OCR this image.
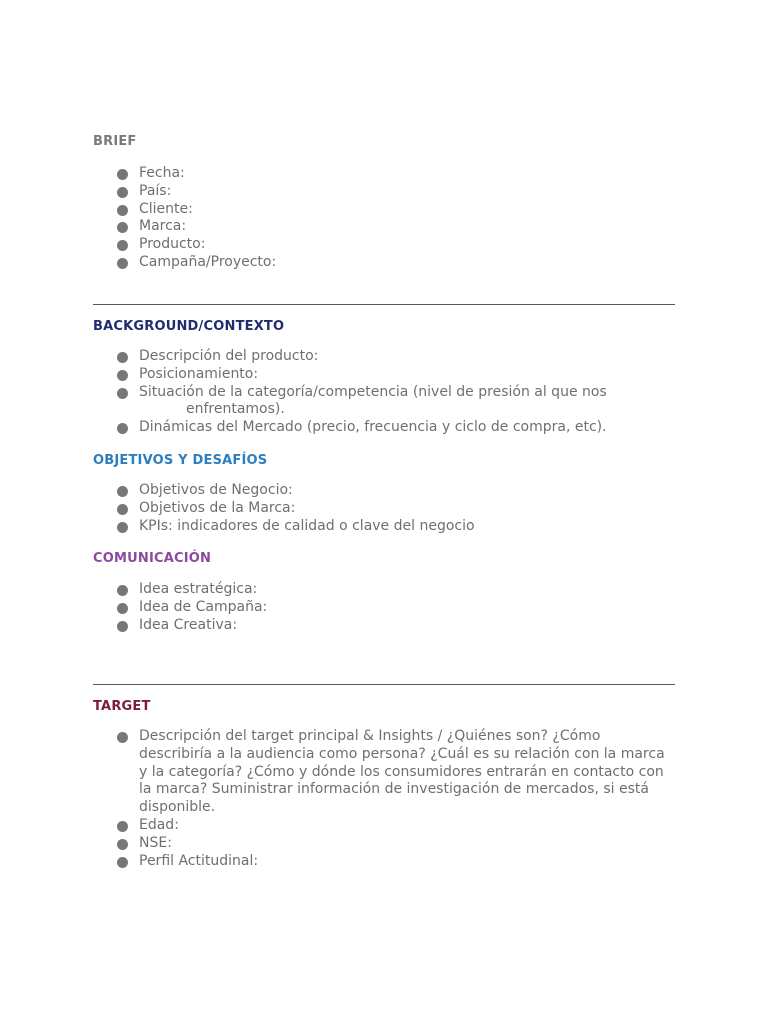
BRIEF
Fecha:
País:
Cliente:
Marca:
Producto:
Campaña/Proyecto:
BACKGROUND/CONTEXTO
Descripción del producto:
Posicionamiento:
Situación de la categoría/competencia (nivel de presión al que nos
enfrentamos).
Dinámicas del Mercado (precio, frecuencia y ciclo de compra, etc).
OBJETIVOS Y DESAFÍOS
Objetivos de Negocio:
Objetivos de la Marca:
KPIs: indicadores de calidad o clave del negocio
COMUNICACIÓN
Idea estratégica:
Idea de Campaña:
Idea Creativa:
TARGET
Descripción del target principal & Insights / ¿Quiénes son? ¿Cómo describiría a la audiencia como persona? ¿Cuál es su relación con la marca y la categoría? ¿Cómo y dónde los consumidores entrarán en contacto con la marca? Suministrar información de investigación de mercados, si está disponible.
Edad:
NSE:
Perfil Actitudinal:
